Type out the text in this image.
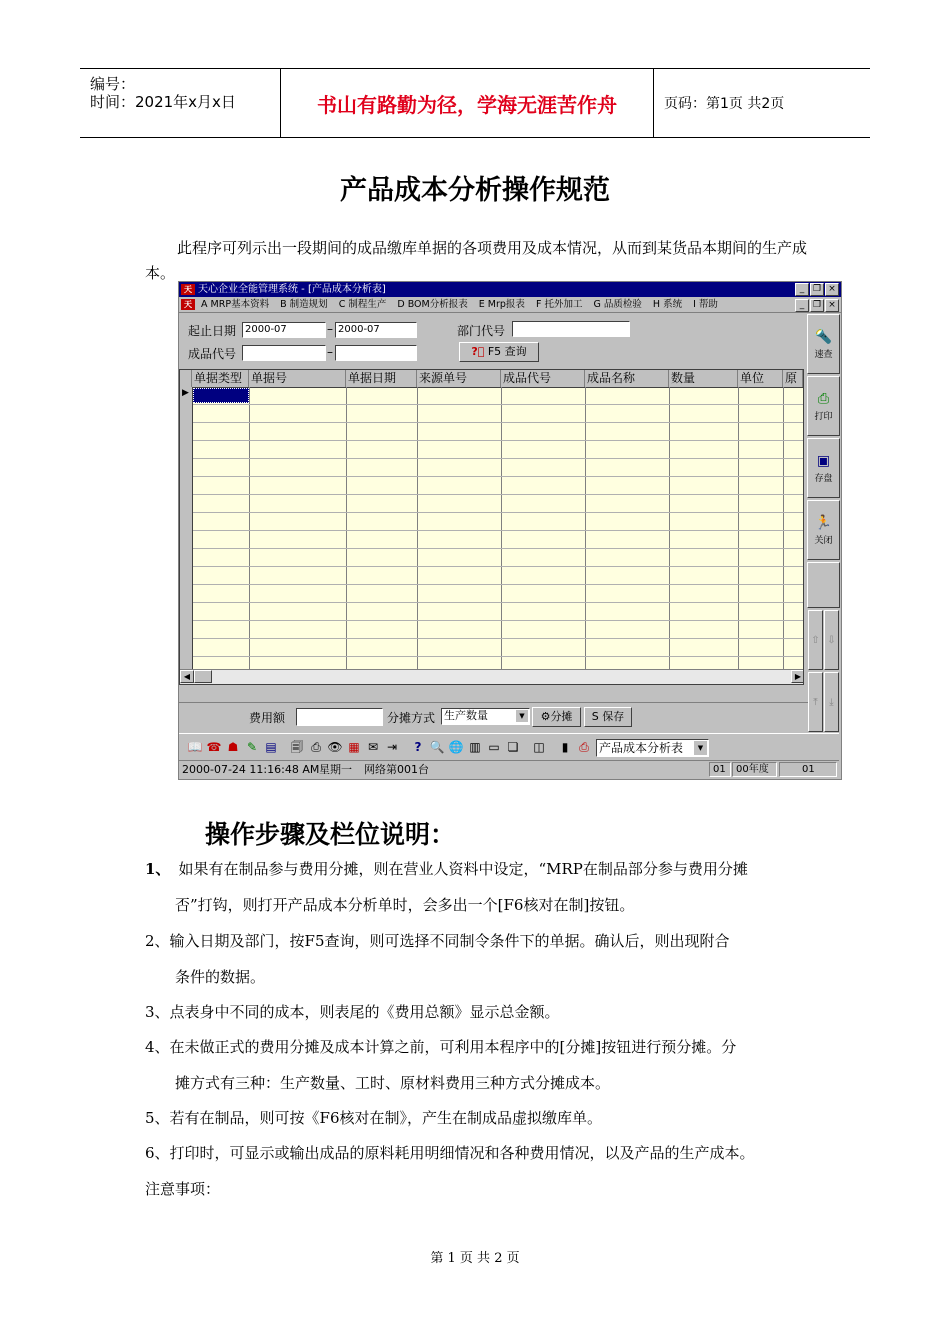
编号：
时间：2021年x月x日	书山有路勤为径，学海无涯苦作舟	页码：第1页 共2页
产品成本分析操作规范
此程序可列示出一段期间的成品缴库单据的各项费用及成本情况，从而到某货品本期间的生产成本。
天 天心企业全能管理系统 - [产品成本分析表]	_ ❐ ×
天 A MRP基本资料 B 制造规划 C 制程生产 D BOM分析报表 E Mrp报表 F 托外加工 G 品质检验 H 系统 I 帮助	_ ❐ ×
起止日期 2000-07	– 2000-07	部门代号
成品代号	–	?⃞ F5 查询
单据类型 单据号	单据日期	来源单号	成品代号	成品名称	数量	单位	原
▶
◀	▶
费用额	分摊方式 生产数量	▼	⚙分摊	S 保存
🔦
速查
⎙
打印
▣
存盘
🏃
关闭
⇧ ⇩
⤒	⤓
📖 ☎ ☗ ✎ ▤ 🗐 ⎙ 👁 ▦ ✉ ⇥	? 🔍 🌐 ▥ ▭ ❏ ◫	▮ ⎙ 产品成本分析表	▼
2000-07-24 11:16:48 AM 星期一 网络第001台	01	00年度	01
操作步骤及栏位说明：
1、 如果有在制品参与费用分摊，则在营业人资料中设定，“MRP在制品部分参与费用分摊
否”打钩，则打开产品成本分析单时，会多出一个[F6核对在制]按钮。
2、输入日期及部门，按F5查询，则可选择不同制令条件下的单据。确认后，则出现附合
条件的数据。
3、点表身中不同的成本，则表尾的《费用总额》显示总金额。
4、在未做正式的费用分摊及成本计算之前，可利用本程序中的[分摊]按钮进行预分摊。分
摊方式有三种：生产数量、工时、原材料费用三种方式分摊成本。
5、若有在制品，则可按《F6核对在制》，产生在制成品虚拟缴库单。
6、打印时，可显示或输出成品的原料耗用明细情况和各种费用情况，以及产品的生产成本。
注意事项：
第 1 页 共 2 页
